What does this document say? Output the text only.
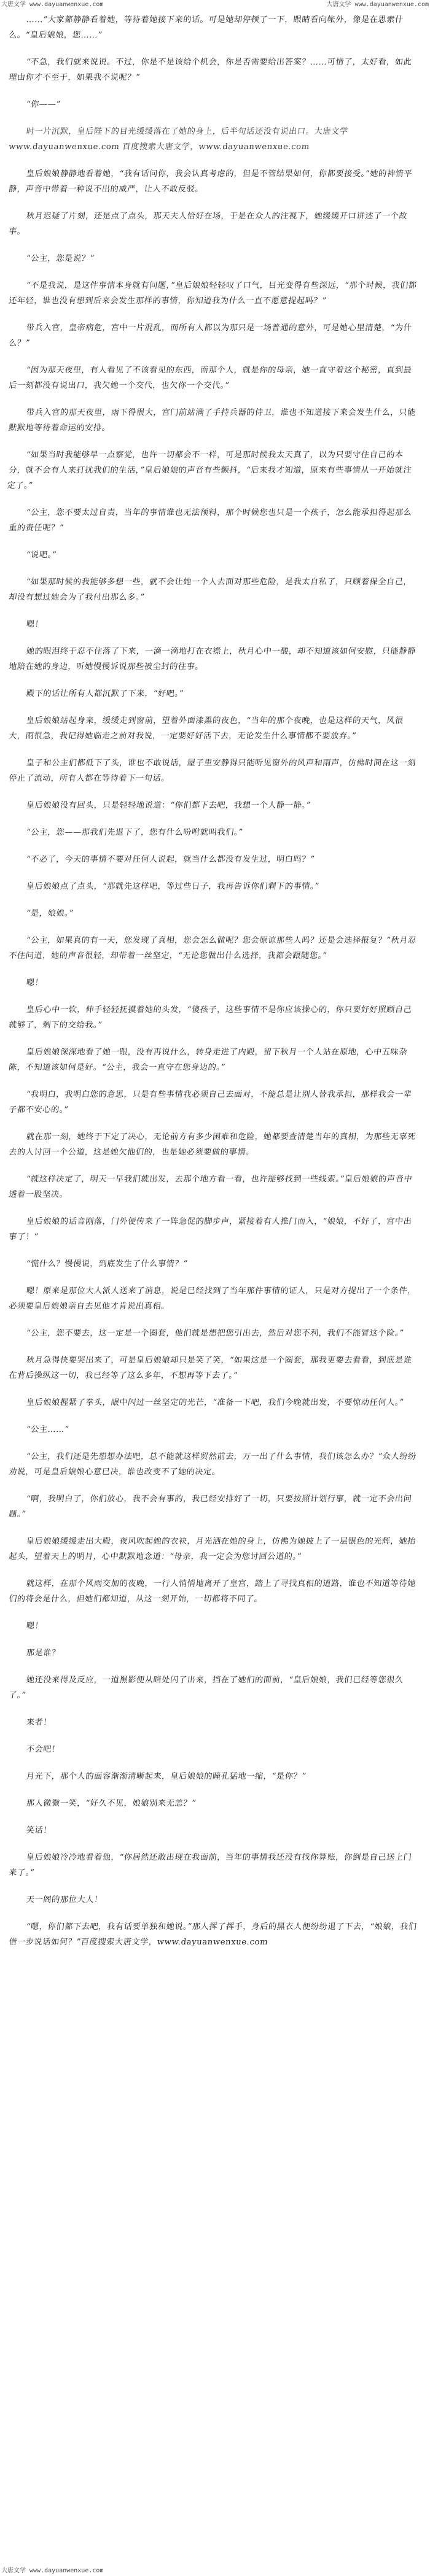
大唐文学 www.dayuanwenxue.com	大唐文学 www.dayuanwenxue.com

……”大家都静静看着她，等待着她接下来的话。可是她却停顿了一下，眼睛看向帐外，像是在思索什么。“皇后娘娘，您……”

“不急，我们就来说说。不过，你是不是该给个机会，你是否需要给出答案？……可惜了，太好看，如此理由你才不至于，如果我不说呢？”

“你——”

时一片沉默，皇后陛下的目光缓缓落在了她的身上，后半句话还没有说出口。大唐文学 www.dayuanwenxue.com 百度搜索大唐文学，www.dayuanwenxue.com

皇后娘娘静静地看着她，“我有话问你，我会认真考虑的，但是不管结果如何，你都要接受。”她的神情平静，声音中带着一种说不出的威严，让人不敢反驳。

秋月迟疑了片刻，还是点了点头，那天夫人恰好在场，于是在众人的注视下，她缓缓开口讲述了一个故事。

“公主，您是说？”

“不是我说，是这件事情本身就有问题，”皇后娘娘轻轻叹了口气，目光变得有些深远，“那个时候，我们都还年轻，谁也没有想到后来会发生那样的事情，你知道我为什么一直不愿意提起吗？”

带兵入宫，皇帝病危，宫中一片混乱，而所有人都以为那只是一场普通的意外，可是她心里清楚，“为什么？”

“因为那天夜里，有人看见了不该看见的东西，而那个人，就是你的母亲，她一直守着这个秘密，直到最后一刻都没有说出口，我欠她一个交代，也欠你一个交代。”

带兵入宫的那天夜里，雨下得很大，宫门前站满了手持兵器的侍卫，谁也不知道接下来会发生什么，只能默默地等待着命运的安排。

“如果当时我能够早一点察觉，也许一切都会不一样，可是那时候我太天真了，以为只要守住自己的本分，就不会有人来打扰我们的生活，”皇后娘娘的声音有些颤抖，“后来我才知道，原来有些事情从一开始就注定了。”

“公主，您不要太过自责，当年的事情谁也无法预料，那个时候您也只是一个孩子，怎么能承担得起那么重的责任呢？”

“说吧。”

“如果那时候的我能够多想一些，就不会让她一个人去面对那些危险，是我太自私了，只顾着保全自己，却没有想过她会为了我付出那么多。”

嗯！

她的眼泪终于忍不住落了下来，一滴一滴地打在衣襟上，秋月心中一酸，却不知道该如何安慰，只能静静地陪在她的身边，听她慢慢诉说那些被尘封的往事。

殿下的话让所有人都沉默了下来，“好吧。”

皇后娘娘站起身来，缓缓走到窗前，望着外面漆黑的夜色，“当年的那个夜晚，也是这样的天气，风很大，雨很急，我记得她临走之前对我说，一定要好好活下去，无论发生什么事情都不要放弃。”

皇子和公主们都低下了头，谁也不敢说话，屋子里安静得只能听见窗外的风声和雨声，仿佛时间在这一刻停止了流动，所有人都在等待着下一句话。

皇后娘娘没有回头，只是轻轻地说道：“你们都下去吧，我想一个人静一静。”

“公主，您——那我们先退下了，您有什么吩咐就叫我们。”

“不必了，今天的事情不要对任何人说起，就当什么都没有发生过，明白吗？”

皇后娘娘点了点头，“那就先这样吧，等过些日子，我再告诉你们剩下的事情。”

“是，娘娘。”

“公主，如果真的有一天，您发现了真相，您会怎么做呢？您会原谅那些人吗？还是会选择报复？”秋月忍不住问道，她的声音很轻，却带着一丝坚定，“无论您做出什么选择，我都会跟随您。”

嗯！

皇后心中一软，伸手轻轻抚摸着她的头发，“傻孩子，这些事情不是你应该操心的，你只要好好照顾自己就够了，剩下的交给我。”

皇后娘娘深深地看了她一眼，没有再说什么，转身走进了内殿，留下秋月一个人站在原地，心中五味杂陈，不知道该如何是好。“公主，我会一直守在您身边的。”

“我明白，我明白您的意思，只是有些事情我必须自己去面对，不能总是让别人替我承担，那样我会一辈子都不安心的。”

就在那一刻，她终于下定了决心，无论前方有多少困难和危险，她都要查清楚当年的真相，为那些无辜死去的人讨回一个公道，这是她欠他们的，也是她必须要做的事情。

“就这样决定了，明天一早我们就出发，去那个地方看一看，也许能够找到一些线索。”皇后娘娘的声音中透着一股坚决。

皇后娘娘的话音刚落，门外便传来了一阵急促的脚步声，紧接着有人推门而入，“娘娘，不好了，宫中出事了！”

“慌什么？慢慢说，到底发生了什么事情？”

嗯！原来是那位大人派人送来了消息，说是已经找到了当年那件事情的证人，只是对方提出了一个条件，必须要皇后娘娘亲自去见他才肯说出真相。

“公主，您不要去，这一定是一个圈套，他们就是想把您引出去，然后对您不利，我们不能冒这个险。”

秋月急得快要哭出来了，可是皇后娘娘却只是笑了笑，“如果这是一个圈套，那我更要去看看，到底是谁在背后操纵这一切，我已经等了这么多年，不想再等下去了。”

皇后娘娘握紧了拳头，眼中闪过一丝坚定的光芒，“准备一下吧，我们今晚就出发，不要惊动任何人。”

“公主……”

“公主，我们还是先想想办法吧，总不能就这样贸然前去，万一出了什么事情，我们该怎么办？”众人纷纷劝说，可是皇后娘娘心意已决，谁也改变不了她的决定。

“啊，我明白了，你们放心，我不会有事的，我已经安排好了一切，只要按照计划行事，就一定不会出问题。”

皇后娘娘缓缓走出大殿，夜风吹起她的衣袂，月光洒在她的身上，仿佛为她披上了一层银色的光辉，她抬起头，望着天上的明月，心中默默地念道：“母亲，我一定会为您讨回公道的。”

就这样，在那个风雨交加的夜晚，一行人悄悄地离开了皇宫，踏上了寻找真相的道路，谁也不知道等待她们的将会是什么，但她们都知道，从这一刻开始，一切都将不同了。

嗯！

那是谁？

她还没来得及反应，一道黑影便从暗处闪了出来，挡在了她们的面前，“皇后娘娘，我们已经等您很久了。”

来者！

不会吧！

月光下，那个人的面容渐渐清晰起来，皇后娘娘的瞳孔猛地一缩，“是你？”

那人微微一笑，“好久不见，娘娘别来无恙？”

笑话！

皇后娘娘冷冷地看着他，“你居然还敢出现在我面前，当年的事情我还没有找你算账，你倒是自己送上门来了。”

天一阁的那位大人！

“嗯，你们都下去吧，我有话要单独和她说。”那人挥了挥手，身后的黑衣人便纷纷退了下去，“娘娘，我们借一步说话如何？”百度搜索大唐文学，www.dayuanwenxue.com

大唐文学 www.dayuanwenxue.com
